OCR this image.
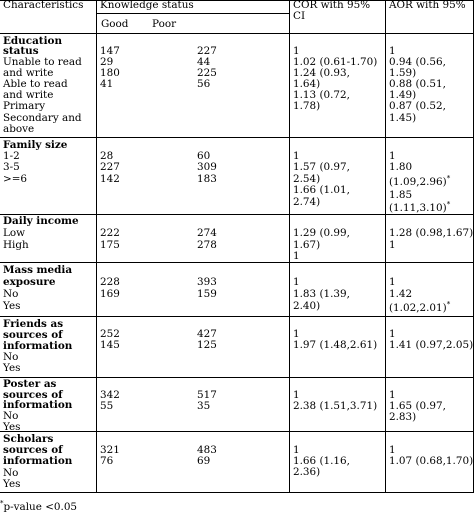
Characteristics Knowledge status
Good Poor
COR with 95%
CI
AOR with 95%
Education
status
Unable to read
and write
Able to read
and write
Primary
Secondary and
above
147
29
180
41
227
44
225
56
1
1.02 (0.61-1.70)
1.24 (0.93,
1.64)
1.13 (0.72,
1.78)
1
0.94 (0.56,
1.59)
0.88 (0.51,
1.49)
0.87 (0.52,
1.45)
Family size
1-2
3-5
>=6
28
227
142
60
309
183
1
1.57 (0.97,
2.54)
1.66 (1.01,
2.74)
1
1.80
(1.09,2.96)*
1.85
(1.11,3.10)*
Daily income
Low
High
222
175
274
278
1.29 (0.99,
1.67)
1
1.28 (0.98,1.67)
1
Mass media
exposure
No
Yes
228
169
393
159
1
1.83 (1.39,
2.40)
1
1.42
(1.02,2.01)*
Friends as
sources of
information
No
Yes
252
145
427
125
1
1.97 (1.48,2.61)
1
1.41 (0.97,2.05)
Poster as
sources of
information
No
Yes
342
55
517
35
1
2.38 (1.51,3.71)
1
1.65 (0.97,
2.83)
Scholars
sources of
information
No
Yes
321
76
483
69
1
1.66 (1.16,
2.36)
1
1.07 (0.68,1.70)
*p-value <0.05
